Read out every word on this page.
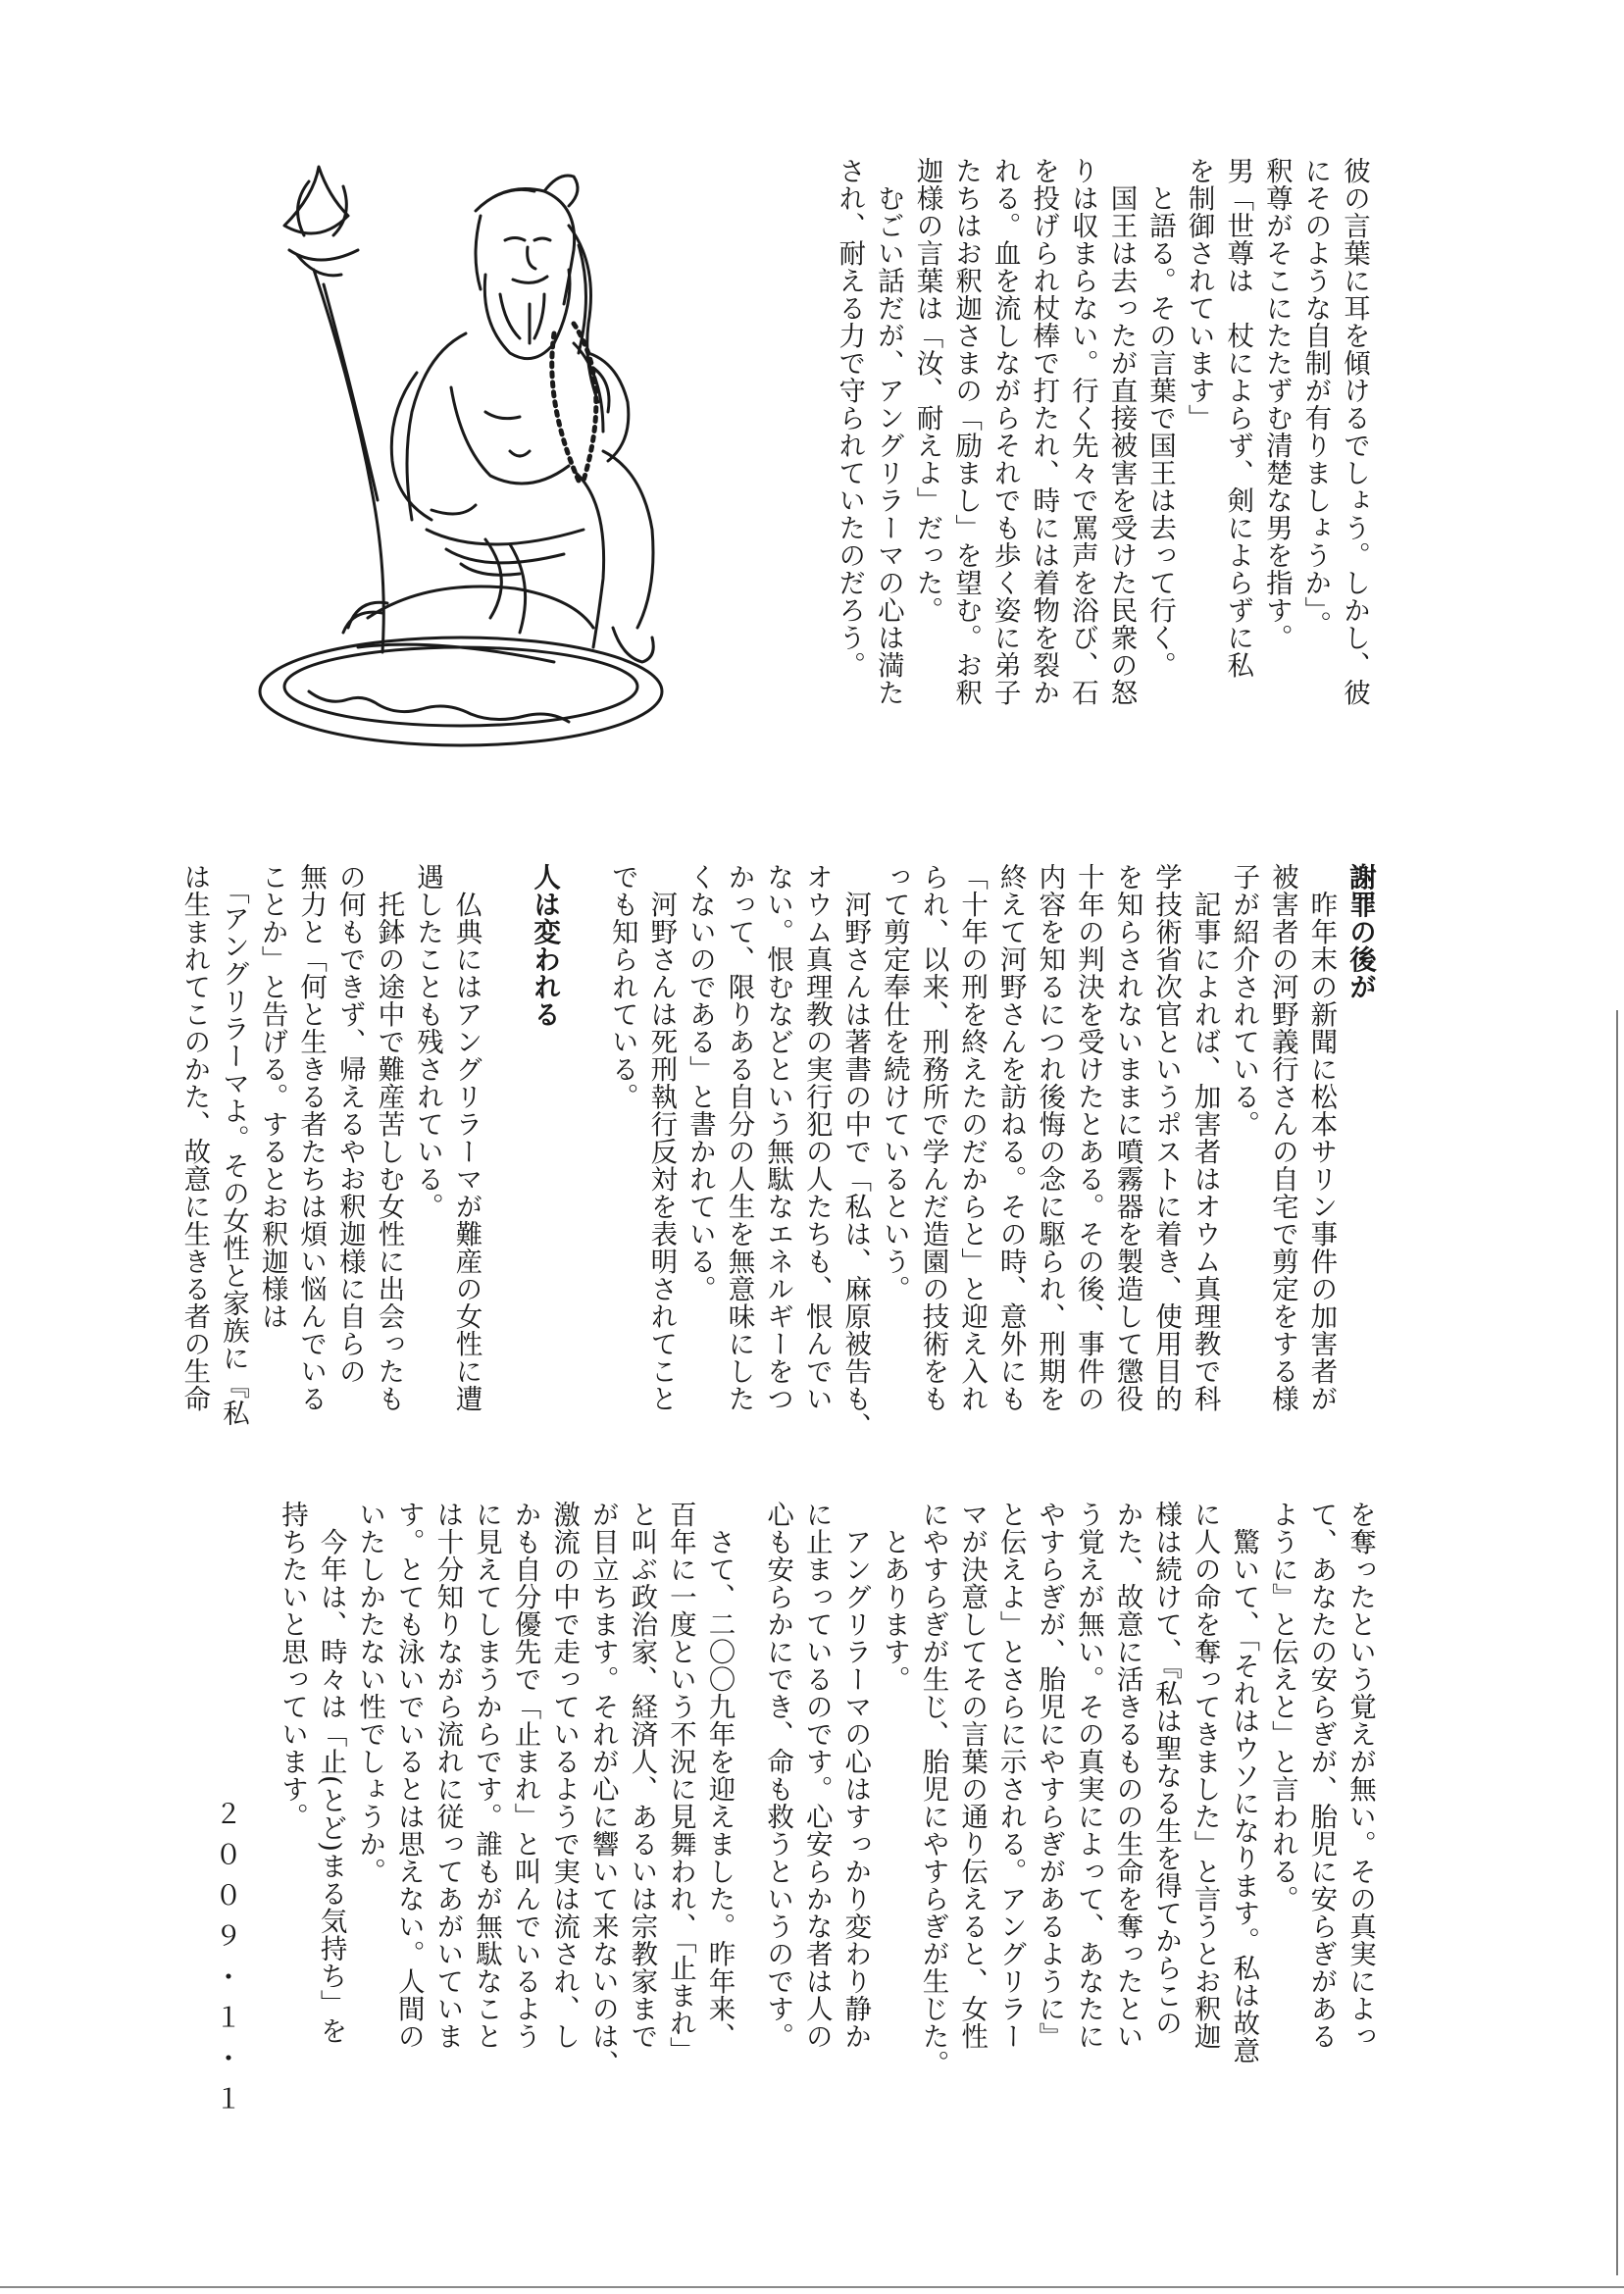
彼の言葉に耳を傾けるでしょう。しかし、彼

にそのような自制が有りましょうか」。

釈尊がそこにたたずむ清楚な男を指す。

男「世尊は　杖によらず、剣によらずに私

を制御されています」

　と語る。その言葉で国王は去って行く。

　国王は去ったが直接被害を受けた民衆の怒

りは収まらない。行く先々で罵声を浴び、石

を投げられ杖棒で打たれ、時には着物を裂か

れる。血を流しながらそれでも歩く姿に弟子

たちはお釈迦さまの「励まし」を望む。お釈

迦様の言葉は「汝、耐えよ」だった。

　むごい話だが、アングリラーマの心は満た

され、耐える力で守られていたのだろう。

謝罪の後が

　昨年末の新聞に松本サリン事件の加害者が

被害者の河野義行さんの自宅で剪定をする様

子が紹介されている。

　記事によれば、加害者はオウム真理教で科

学技術省次官というポストに着き、使用目的

を知らされないままに噴霧器を製造して懲役

十年の判決を受けたとある。その後、事件の

内容を知るにつれ後悔の念に駆られ、刑期を

終えて河野さんを訪ねる。その時、意外にも

「十年の刑を終えたのだからと」と迎え入れ

られ、以来、刑務所で学んだ造園の技術をも

って剪定奉仕を続けているという。

　河野さんは著書の中で「私は、麻原被告も、

オウム真理教の実行犯の人たちも、恨んでい

ない。恨むなどという無駄なエネルギーをつ

かって、限りある自分の人生を無意味にした

くないのである」と書かれている。

　河野さんは死刑執行反対を表明されてこと

でも知られている。

人は変われる

　仏典にはアングリラーマが難産の女性に遭

遇したことも残されている。

　托鉢の途中で難産苦しむ女性に出会ったも

の何もできず、帰えるやお釈迦様に自らの

無力と「何と生きる者たちは煩い悩んでいる

ことか」と告げる。するとお釈迦様は

　「アングリラーマよ。その女性と家族に『私

は生まれてこのかた、故意に生きる者の生命

を奪ったという覚えが無い。その真実によっ

て、あなたの安らぎが、胎児に安らぎがある

ように』と伝えと」と言われる。

　驚いて、「それはウソになります。私は故意

に人の命を奪ってきました」と言うとお釈迦

様は続けて、『私は聖なる生を得てからこの

かた、故意に活きるものの生命を奪ったとい

う覚えが無い。その真実によって、あなたに

やすらぎが、胎児にやすらぎがあるように』

と伝えよ」とさらに示される。アングリラー

マが決意してその言葉の通り伝えると、女性

にやすらぎが生じ、胎児にやすらぎが生じた。

　とあります。

　アングリラーマの心はすっかり変わり静か

に止まっているのです。心安らかな者は人の

心も安らかにでき、命も救うというのです。

　さて、二〇〇九年を迎えました。昨年来、

百年に一度という不況に見舞われ、「止まれ」

と叫ぶ政治家、経済人、あるいは宗教家まで

が目立ちます。それが心に響いて来ないのは、

激流の中で走っているようで実は流され、し

かも自分優先で「止まれ」と叫んでいるよう

に見えてしまうからです。誰もが無駄なこと

は十分知りながら流れに従ってあがいていま

す。とても泳いでいるとは思えない。人間の

いたしかたない性でしょうか。

　今年は、時々は「止(とど)まる気持ち」を

持ちたいと思っています。

２００９・１・１
